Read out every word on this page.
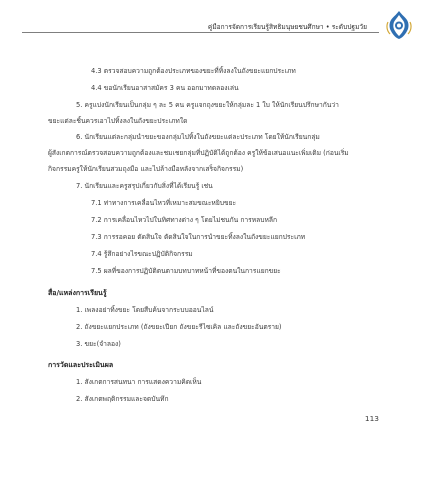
คู่มือการจัดการเรียนรู้สิทธิมนุษยชนศึกษา • ระดับปฐมวัย
4.3 ตรวจสอบความถูกต้องประเภทของขยะที่ทิ้งลงในถังขยะแยกประเภท
4.4 ขอนักเรียนอาสาสมัคร 3 คน ออกมาทดลองเล่น
5. ครูแบ่งนักเรียนเป็นกลุ่ม ๆ ละ 5 คน ครูแจกถุงขยะให้กลุ่มละ 1 ใบ ให้นักเรียนปรึกษากันว่า
ขยะแต่ละชิ้นควรเอาไปทิ้งลงในถังขยะประเภทใด
6. นักเรียนแต่ละกลุ่มนำขยะของกลุ่มไปทิ้งในถังขยะแต่ละประเภท โดยให้นักเรียนกลุ่ม
ผู้สังเกตการณ์ตรวจสอบความถูกต้องและชมเชยกลุ่มที่ปฏิบัติได้ถูกต้อง ครูให้ข้อเสนอแนะเพิ่มเติม (ก่อนเริ่ม
กิจกรรมครูให้นักเรียนสวมถุงมือ และไปล้างมือหลังจากเสร็จกิจกรรม)
7. นักเรียนและครูสรุปเกี่ยวกับสิ่งที่ได้เรียนรู้ เช่น
7.1 ท่าทางการเคลื่อนไหวที่เหมาะสมขณะหยิบขยะ
7.2 การเคลื่อนไหวไปในทิศทางต่าง ๆ โดยไม่ชนกัน การหลบหลีก
7.3 การรอคอย ตัดสินใจ ตัดสินใจในการนำขยะทิ้งลงในถังขยะแยกประเภท
7.4 รู้สึกอย่างไรขณะปฏิบัติกิจกรรม
7.5 ผลที่ของการปฏิบัติตนตามบทบาทหน้าที่ของตนในการแยกขยะ
สื่อ/แหล่งการเรียนรู้
1. เพลงอย่าทิ้งขยะ โดยสืบค้นจากระบบออนไลน์
2. ถังขยะแยกประเภท (ถังขยะเปียก ถังขยะรีไซเคิล และถังขยะอันตราย)
3. ขยะ(จำลอง)
การวัดและประเมินผล
1. สังเกตการสนทนา การแสดงความคิดเห็น
2. สังเกตพฤติกรรมและจดบันทึก
113
